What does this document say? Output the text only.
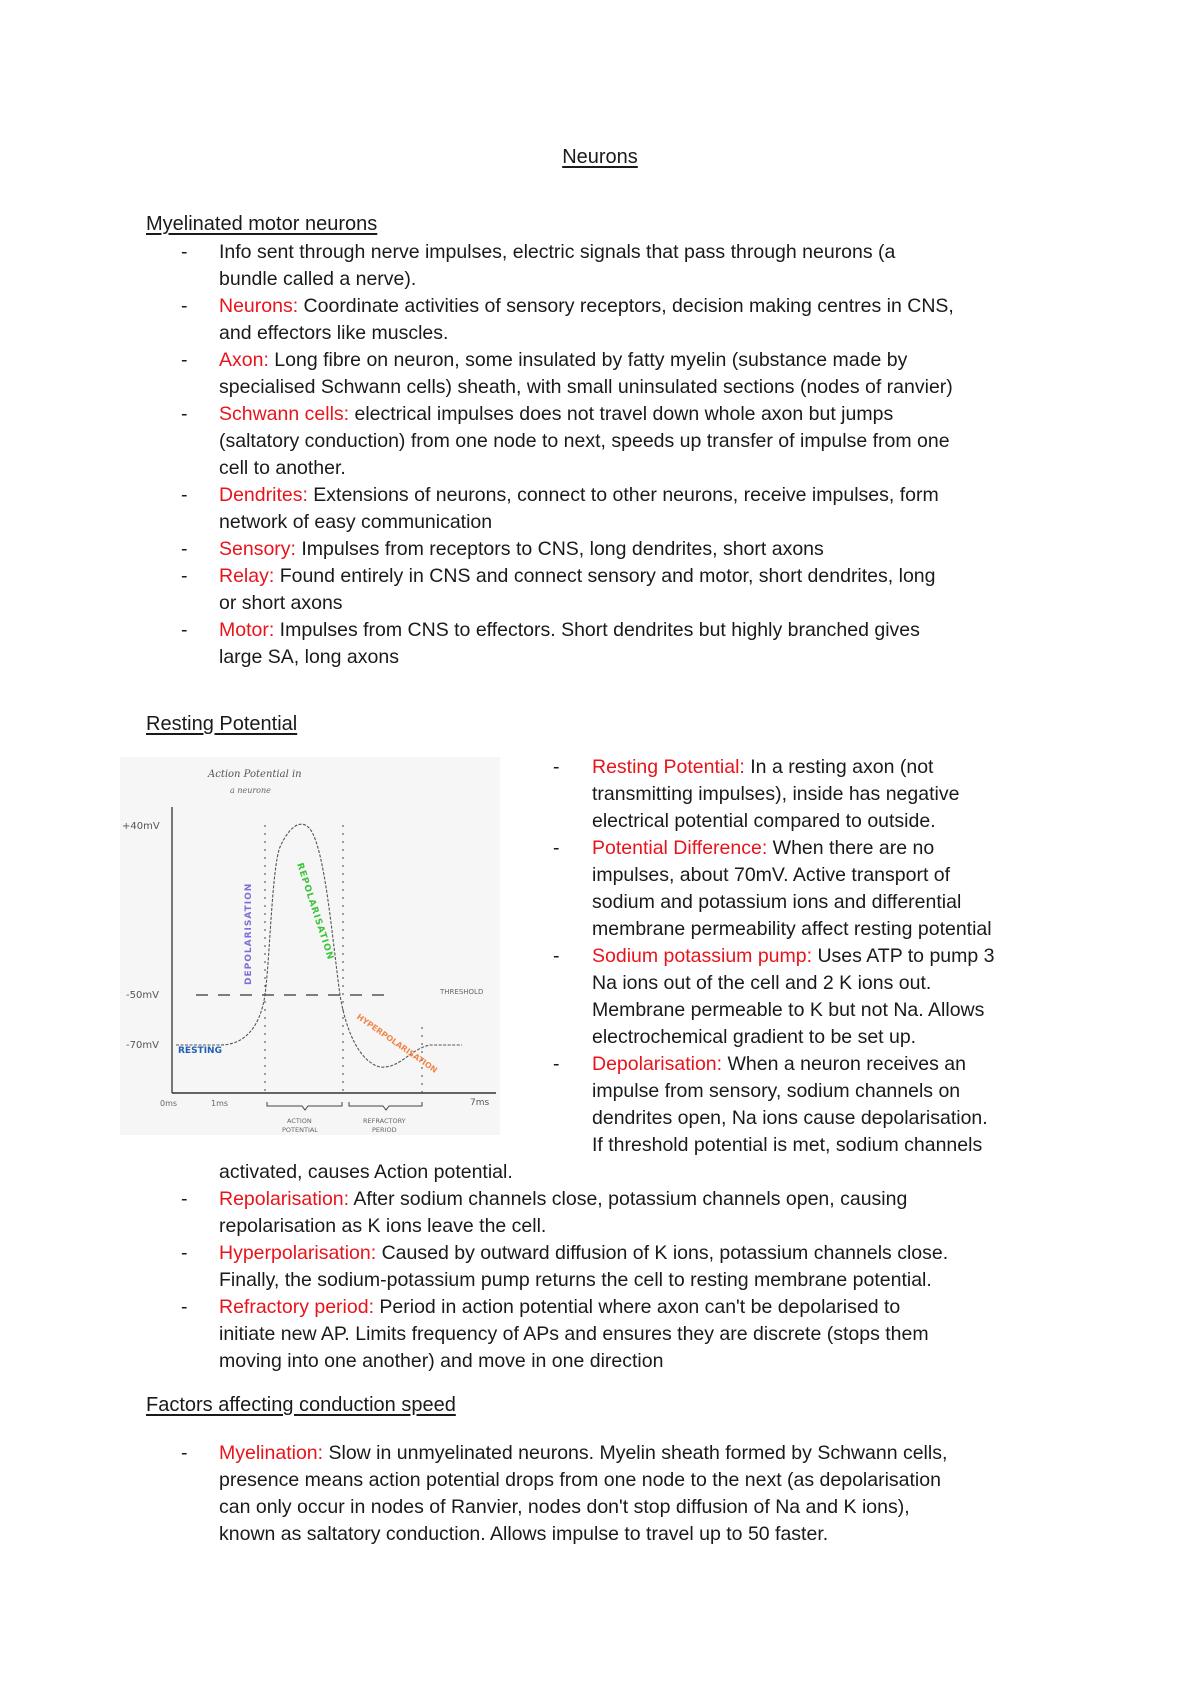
Neurons
Myelinated motor neurons
- Info sent through nerve impulses, electric signals that pass through neurons (a
bundle called a nerve).
- Neurons: Coordinate activities of sensory receptors, decision making centres in CNS,
and effectors like muscles.
- Axon: Long fibre on neuron, some insulated by fatty myelin (substance made by
specialised Schwann cells) sheath, with small uninsulated sections (nodes of ranvier)
- Schwann cells: electrical impulses does not travel down whole axon but jumps
(saltatory conduction) from one node to next, speeds up transfer of impulse from one
cell to another.
- Dendrites: Extensions of neurons, connect to other neurons, receive impulses, form
network of easy communication
- Sensory: Impulses from receptors to CNS, long dendrites, short axons
- Relay: Found entirely in CNS and connect sensory and motor, short dendrites, long
or short axons
- Motor: Impulses from CNS to effectors. Short dendrites but highly branched gives
large SA, long axons
Resting Potential
Action Potential in
a neurone
+40mV
-50mV
-70mV
THRESHOLD
RESTING
DEPOLARISATION	REPOLARISATION
HYPERPOLARISATION
0ms	1ms	7ms
ACTION
POTENTIAL
REFRACTORY
PERIOD
- Resting Potential: In a resting axon (not
transmitting impulses), inside has negative
electrical potential compared to outside.
- Potential Difference: When there are no
impulses, about 70mV. Active transport of
sodium and potassium ions and differential
membrane permeability affect resting potential
- Sodium potassium pump: Uses ATP to pump 3
Na ions out of the cell and 2 K ions out.
Membrane permeable to K but not Na. Allows
electrochemical gradient to be set up.
- Depolarisation: When a neuron receives an
impulse from sensory, sodium channels on
dendrites open, Na ions cause depolarisation.
If threshold potential is met, sodium channels
activated, causes Action potential.
- Repolarisation: After sodium channels close, potassium channels open, causing
repolarisation as K ions leave the cell.
- Hyperpolarisation: Caused by outward diffusion of K ions, potassium channels close.
Finally, the sodium-potassium pump returns the cell to resting membrane potential.
- Refractory period: Period in action potential where axon can't be depolarised to
initiate new AP. Limits frequency of APs and ensures they are discrete (stops them
moving into one another) and move in one direction
Factors affecting conduction speed
- Myelination: Slow in unmyelinated neurons. Myelin sheath formed by Schwann cells,
presence means action potential drops from one node to the next (as depolarisation
can only occur in nodes of Ranvier, nodes don't stop diffusion of Na and K ions),
known as saltatory conduction. Allows impulse to travel up to 50 faster.
